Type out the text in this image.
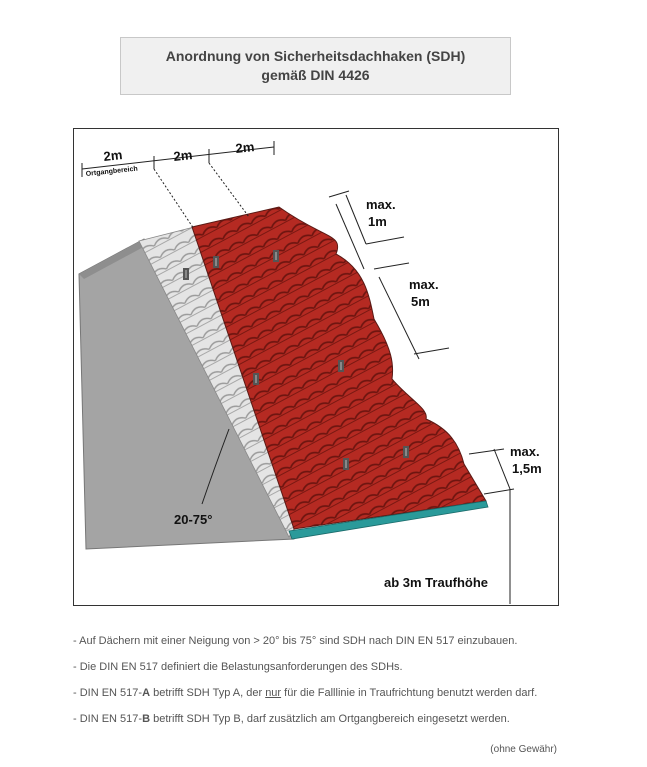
Anordnung von Sicherheitsdachhaken (SDH)
gemäß DIN 4426
2m
Ortgangbereich
2m	2m
max.
1m
max.
5m
max.
1,5m
20-75°
ab 3m Traufhöhe
- Auf Dächern mit einer Neigung von > 20° bis 75° sind SDH nach DIN EN 517 einzubauen.
- Die DIN EN 517 definiert die Belastungsanforderungen des SDHs.
- DIN EN 517-A betrifft SDH Typ A, der nur für die Falllinie in Traufrichtung benutzt werden darf.
- DIN EN 517-B betrifft SDH Typ B, darf zusätzlich am Ortgangbereich eingesetzt werden.
(ohne Gewähr)
